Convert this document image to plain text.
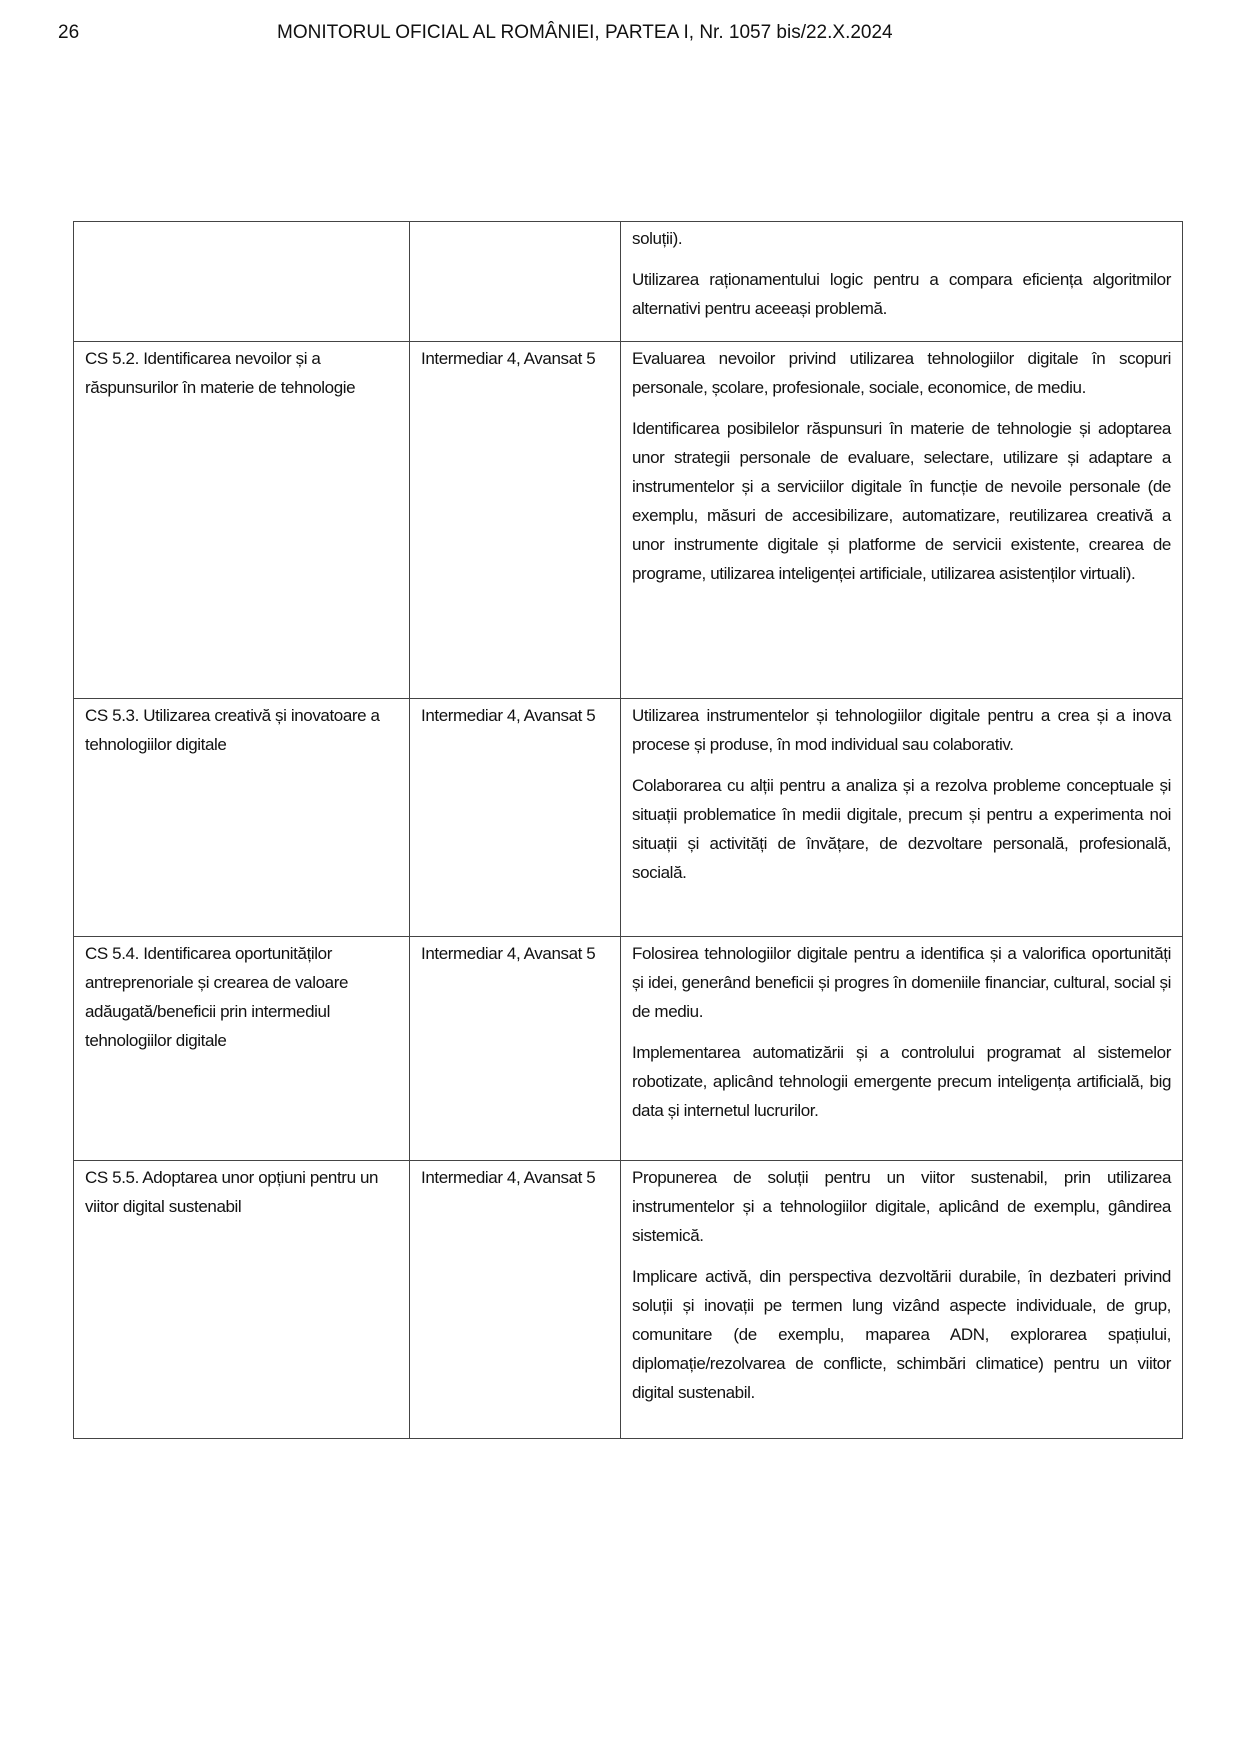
26	MONITORUL OFICIAL AL ROMÂNIEI, PARTEA I, Nr. 1057 bis/22.X.2024

		soluții).

Utilizarea raționamentului logic pentru a compara eficiența algoritmilor alternativi pentru aceeași problemă.

CS 5.2. Identificarea nevoilor și a răspunsurilor în materie de tehnologie	Intermediar 4, Avansat 5	Evaluarea nevoilor privind utilizarea tehnologiilor digitale în scopuri personale, școlare, profesionale, sociale, economice, de mediu.

Identificarea posibilelor răspunsuri în materie de tehnologie și adoptarea unor strategii personale de evaluare, selectare, utilizare și adaptare a instrumentelor și a serviciilor digitale în funcție de nevoile personale (de exemplu, măsuri de accesibilizare, automatizare, reutilizarea creativă a unor instrumente digitale și platforme de servicii existente, crearea de programe, utilizarea inteligenței artificiale, utilizarea asistenților virtuali).

CS 5.3. Utilizarea creativă și inovatoare a tehnologiilor digitale	Intermediar 4, Avansat 5	Utilizarea instrumentelor și tehnologiilor digitale pentru a crea și a inova procese și produse, în mod individual sau colaborativ.

Colaborarea cu alții pentru a analiza și a rezolva probleme conceptuale și situații problematice în medii digitale, precum și pentru a experimenta noi situații și activități de învățare, de dezvoltare personală, profesională, socială.

CS 5.4. Identificarea oportunităților antreprenoriale și crearea de valoare adăugată/beneficii prin intermediul tehnologiilor digitale	Intermediar 4, Avansat 5	Folosirea tehnologiilor digitale pentru a identifica și a valorifica oportunități și idei, generând beneficii și progres în domeniile financiar, cultural, social și de mediu.

Implementarea automatizării și a controlului programat al sistemelor robotizate, aplicând tehnologii emergente precum inteligența artificială, big data și internetul lucrurilor.

CS 5.5. Adoptarea unor opțiuni pentru un viitor digital sustenabil	Intermediar 4, Avansat 5	Propunerea de soluții pentru un viitor sustenabil, prin utilizarea instrumentelor și a tehnologiilor digitale, aplicând de exemplu, gândirea sistemică.

Implicare activă, din perspectiva dezvoltării durabile, în dezbateri privind soluții și inovații pe termen lung vizând aspecte individuale, de grup, comunitare (de exemplu, maparea ADN, explorarea spațiului, diplomație/rezolvarea de conflicte, schimbări climatice) pentru un viitor digital sustenabil.
